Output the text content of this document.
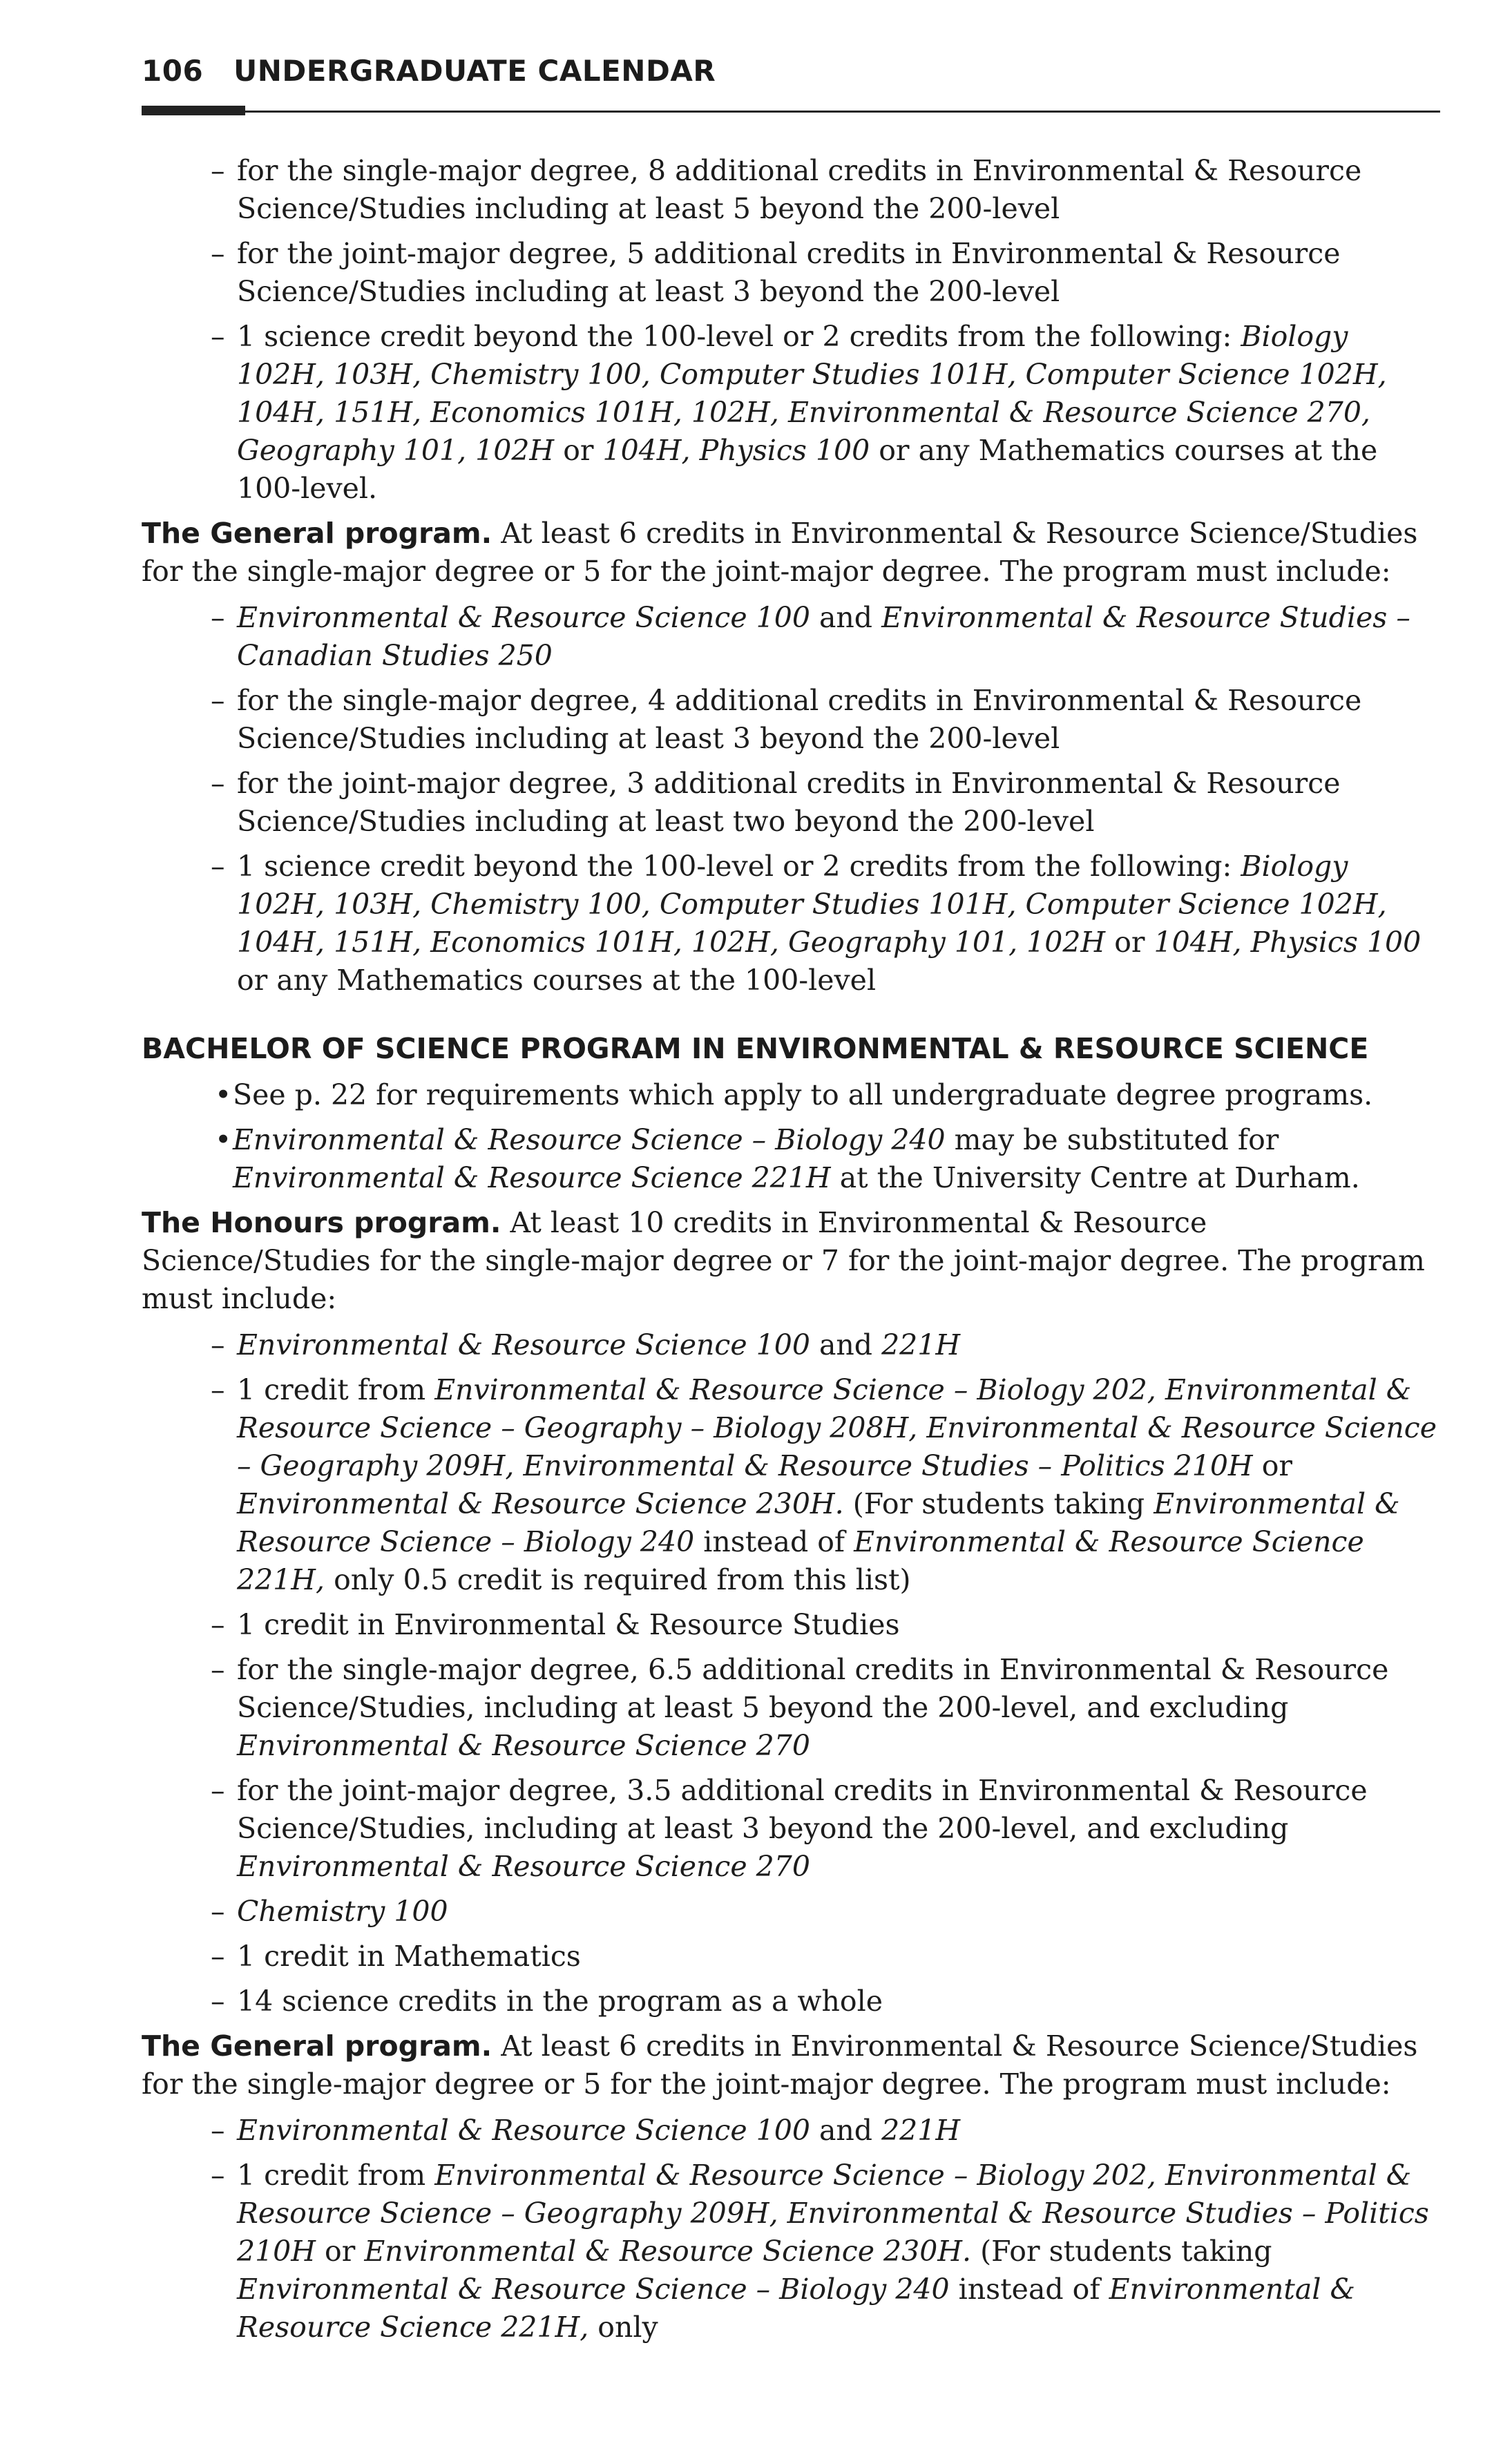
106 UNDERGRADUATE CALENDAR
– for the single-major degree, 8 additional credits in Environmental & Resource Science/Studies including at least 5 beyond the 200-level
– for the joint-major degree, 5 additional credits in Environmental & Resource Science/Studies including at least 3 beyond the 200-level
– 1 science credit beyond the 100-level or 2 credits from the following: Biology 102H, 103H, Chemistry 100, Computer Studies 101H, Computer Science 102H, 104H, 151H, Economics 101H, 102H, Environmental & Resource Science 270, Geography 101, 102H or 104H, Physics 100 or any Mathematics courses at the 100-level.

The General program. At least 6 credits in Environmental & Resource Science/Studies for the single-major degree or 5 for the joint-major degree. The program must include:

– Environmental & Resource Science 100 and Environmental & Resource Studies – Canadian Studies 250
– for the single-major degree, 4 additional credits in Environmental & Resource Science/Studies including at least 3 beyond the 200-level
– for the joint-major degree, 3 additional credits in Environmental & Resource Science/Studies including at least two beyond the 200-level
– 1 science credit beyond the 100-level or 2 credits from the following: Biology 102H, 103H, Chemistry 100, Computer Studies 101H, Computer Science 102H, 104H, 151H, Economics 101H, 102H, Geography 101, 102H or 104H, Physics 100 or any Mathematics courses at the 100-level
BACHELOR OF SCIENCE PROGRAM IN ENVIRONMENTAL & RESOURCE SCIENCE
• See p. 22 for requirements which apply to all undergraduate degree programs.
• Environmental & Resource Science – Biology 240 may be substituted for Environmental & Resource Science 221H at the University Centre at Durham.

The Honours program. At least 10 credits in Environmental & Resource Science/Studies for the single-major degree or 7 for the joint-major degree. The program must include:

– Environmental & Resource Science 100 and 221H
– 1 credit from Environmental & Resource Science – Biology 202, Environmental & Resource Science – Geography – Biology 208H, Environmental & Resource Science – Geography 209H, Environmental & Resource Studies – Politics 210H or Environmental & Resource Science 230H. (For students taking Environmental & Resource Science – Biology 240 instead of Environmental & Resource Science 221H, only 0.5 credit is required from this list)
– 1 credit in Environmental & Resource Studies
– for the single-major degree, 6.5 additional credits in Environmental & Resource Science/Studies, including at least 5 beyond the 200-level, and excluding Environmental & Resource Science 270
– for the joint-major degree, 3.5 additional credits in Environmental & Resource Science/Studies, including at least 3 beyond the 200-level, and excluding Environmental & Resource Science 270
– Chemistry 100
– 1 credit in Mathematics
– 14 science credits in the program as a whole

The General program. At least 6 credits in Environmental & Resource Science/Studies for the single-major degree or 5 for the joint-major degree. The program must include:

– Environmental & Resource Science 100 and 221H
– 1 credit from Environmental & Resource Science – Biology 202, Environmental & Resource Science – Geography 209H, Environmental & Resource Studies – Politics 210H or Environmental & Resource Science 230H. (For students taking Environmental & Resource Science – Biology 240 instead of Environmental & Resource Science 221H, only
